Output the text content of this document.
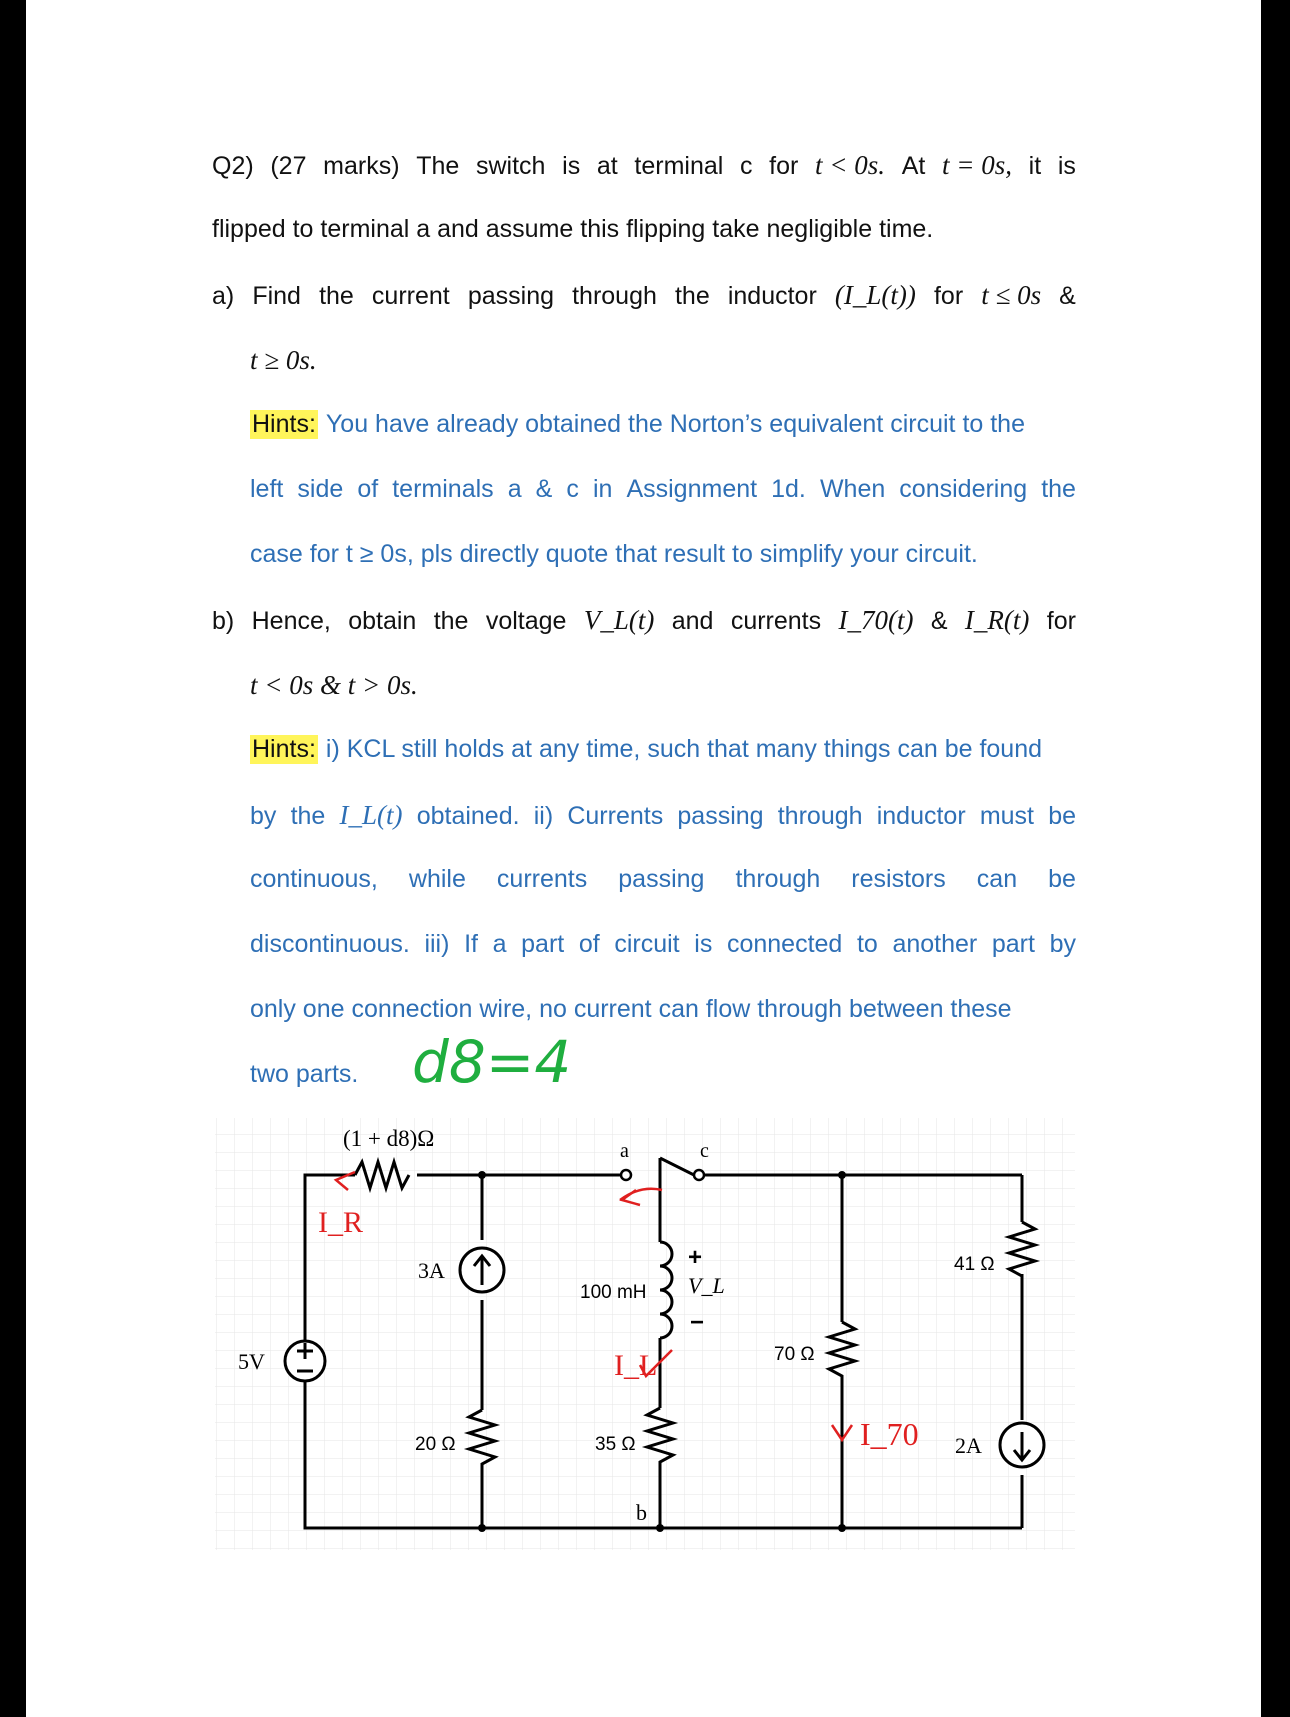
Q2) (27 marks) The switch is at terminal c for t < 0s. At t = 0s, it is
flipped to terminal a and assume this flipping take negligible time.
a) Find the current passing through the inductor (I_L(t)) for t ≤ 0s &
t ≥ 0s.
Hints: You have already obtained the Norton’s equivalent circuit to the
left side of terminals a & c in Assignment 1d. When considering the
case for t ≥ 0s, pls directly quote that result to simplify your circuit.
b) Hence, obtain the voltage V_L(t) and currents I_70(t) & I_R(t) for
t < 0s & t > 0s.
Hints: i) KCL still holds at any time, such that many things can be found
by the I_L(t) obtained. ii) Currents passing through inductor must be
continuous, while currents passing through resistors can be
discontinuous. iii) If a part of circuit is connected to another part by
only one connection wire, no current can flow through between these
two parts. d8=4
(1 + d8)Ω	a	c
b
3A
5V
2A
20 Ω	35 Ω
70 Ω
41 Ω
100 mH
+
V_L
−
I_R
I_L
I_70
